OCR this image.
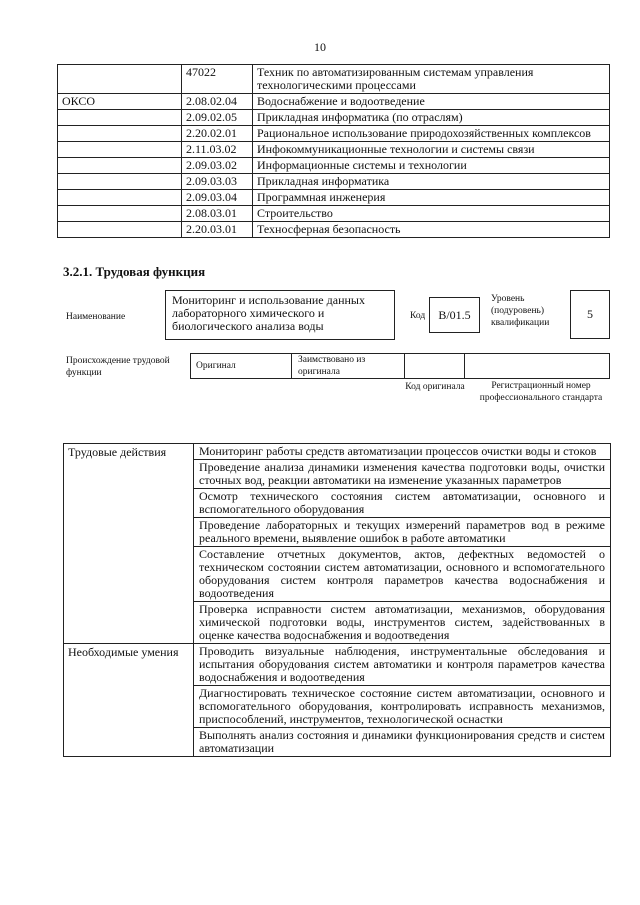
10
	47022	Техник по автоматизированным системам управления технологическими процессами
ОКСО	2.08.02.04	Водоснабжение и водоотведение
	2.09.02.05	Прикладная информатика (по отраслям)
	2.20.02.01	Рациональное использование природохозяйственных комплексов
	2.11.03.02	Инфокоммуникационные технологии и системы связи
	2.09.03.02	Информационные системы и технологии
	2.09.03.03	Прикладная информатика
	2.09.03.04	Программная инженерия
	2.08.03.01	Строительство
	2.20.03.01	Техносферная безопасность
3.2.1. Трудовая функция
Наименование
Мониторинг и использование данных лабораторного химического и биологического анализа воды
Код	B/01.5
Уровень (подуровень) квалификации
5
Происхождение трудовой функции
Оригинал
Заимствовано из оригинала
Код оригинала	Регистрационный номер профессионального стандарта
Трудовые действия	Мониторинг работы средств автоматизации процессов очистки воды и стоков
	Проведение анализа динамики изменения качества подготовки воды, очистки сточных вод, реакции автоматики на изменение указанных параметров
	Осмотр технического состояния систем автоматизации, основного и вспомогательного оборудования
	Проведение лабораторных и текущих измерений параметров вод в режиме реального времени, выявление ошибок в работе автоматики
	Составление отчетных документов, актов, дефектных ведомостей о техническом состоянии систем автоматизации, основного и вспомогательного оборудования систем контроля параметров качества водоснабжения и водоотведения
	Проверка исправности систем автоматизации, механизмов, оборудования химической подготовки воды, инструментов систем, задействованных в оценке качества водоснабжения и водоотведения
Необходимые умения	Проводить визуальные наблюдения, инструментальные обследования и испытания оборудования систем автоматики и контроля параметров качества водоснабжения и водоотведения
	Диагностировать техническое состояние систем автоматизации, основного и вспомогательного оборудования, контролировать исправность механизмов, приспособлений, инструментов, технологической оснастки
	Выполнять анализ состояния и динамики функционирования средств и систем автоматизации
